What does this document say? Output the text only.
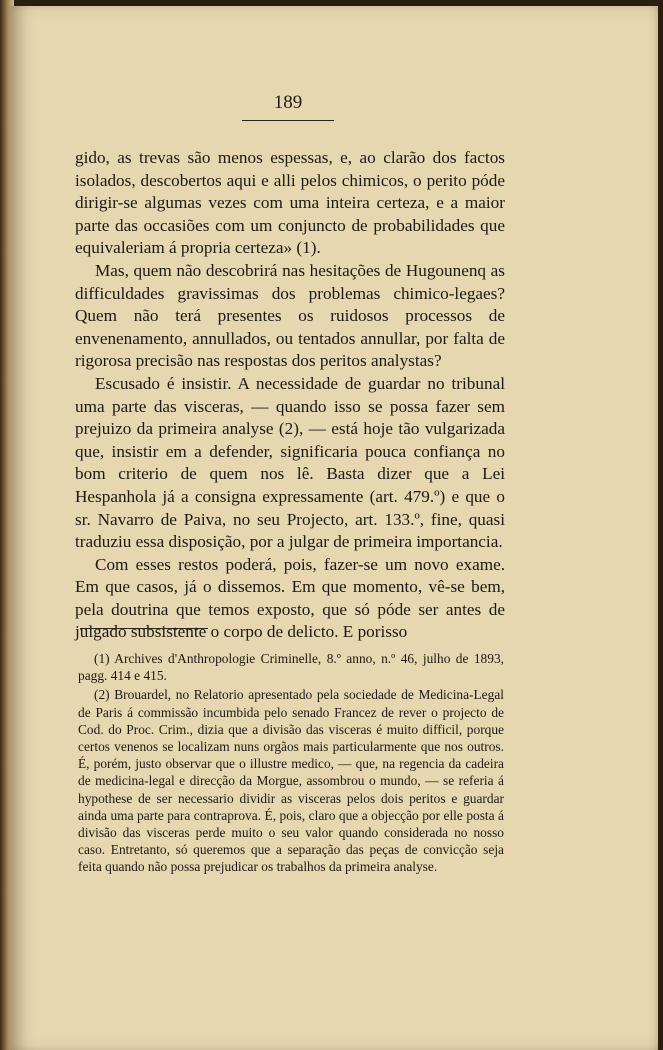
189

gido, as trevas são menos espessas, e, ao clarão dos factos isolados, descobertos aqui e alli pelos chimicos, o perito póde dirigir-se algumas vezes com uma inteira certeza, e a maior parte das occasiões com um conjuncto de probabilidades que equivaleriam á propria certeza» (1).

Mas, quem não descobrirá nas hesitações de Hugounenq as difficuldades gravissimas dos problemas chimico-legaes? Quem não terá presentes os ruidosos processos de envenenamento, annullados, ou tentados annullar, por falta de rigorosa precisão nas respostas dos peritos analystas?

Escusado é insistir. A necessidade de guardar no tribunal uma parte das visceras, — quando isso se possa fazer sem prejuizo da primeira analyse (2), — está hoje tão vulgarizada que, insistir em a defender, significaria pouca confiança no bom criterio de quem nos lê. Basta dizer que a Lei Hespanhola já a consigna expressamente (art. 479.º) e que o sr. Navarro de Paiva, no seu Projecto, art. 133.º, fine, quasi traduziu essa disposição, por a julgar de primeira importancia.

Com esses restos poderá, pois, fazer-se um novo exame. Em que casos, já o dissemos. Em que momento, vê-se bem, pela doutrina que temos exposto, que só póde ser antes de julgado subsistente o corpo de delicto. E porisso

(1) Archives d'Anthropologie Criminelle, 8.º anno, n.º 46, julho de 1893, pagg. 414 e 415.

(2) Brouardel, no Relatorio apresentado pela sociedade de Medicina-Legal de Paris á commissão incumbida pelo senado Francez de rever o projecto de Cod. do Proc. Crim., dizia que a divisão das visceras é muito difficil, porque certos venenos se localizam nuns orgãos mais particularmente que nos outros. É, porém, justo observar que o illustre medico, — que, na regencia da cadeira de medicina-legal e direcção da Morgue, assombrou o mundo, — se referia á hypothese de ser necessario dividir as visceras pelos dois peritos e guardar ainda uma parte para contraprova. É, pois, claro que a objecção por elle posta á divisão das visceras perde muito o seu valor quando considerada no nosso caso. Entretanto, só queremos que a separação das peças de convicção seja feita quando não possa prejudicar os trabalhos da primeira analyse.
